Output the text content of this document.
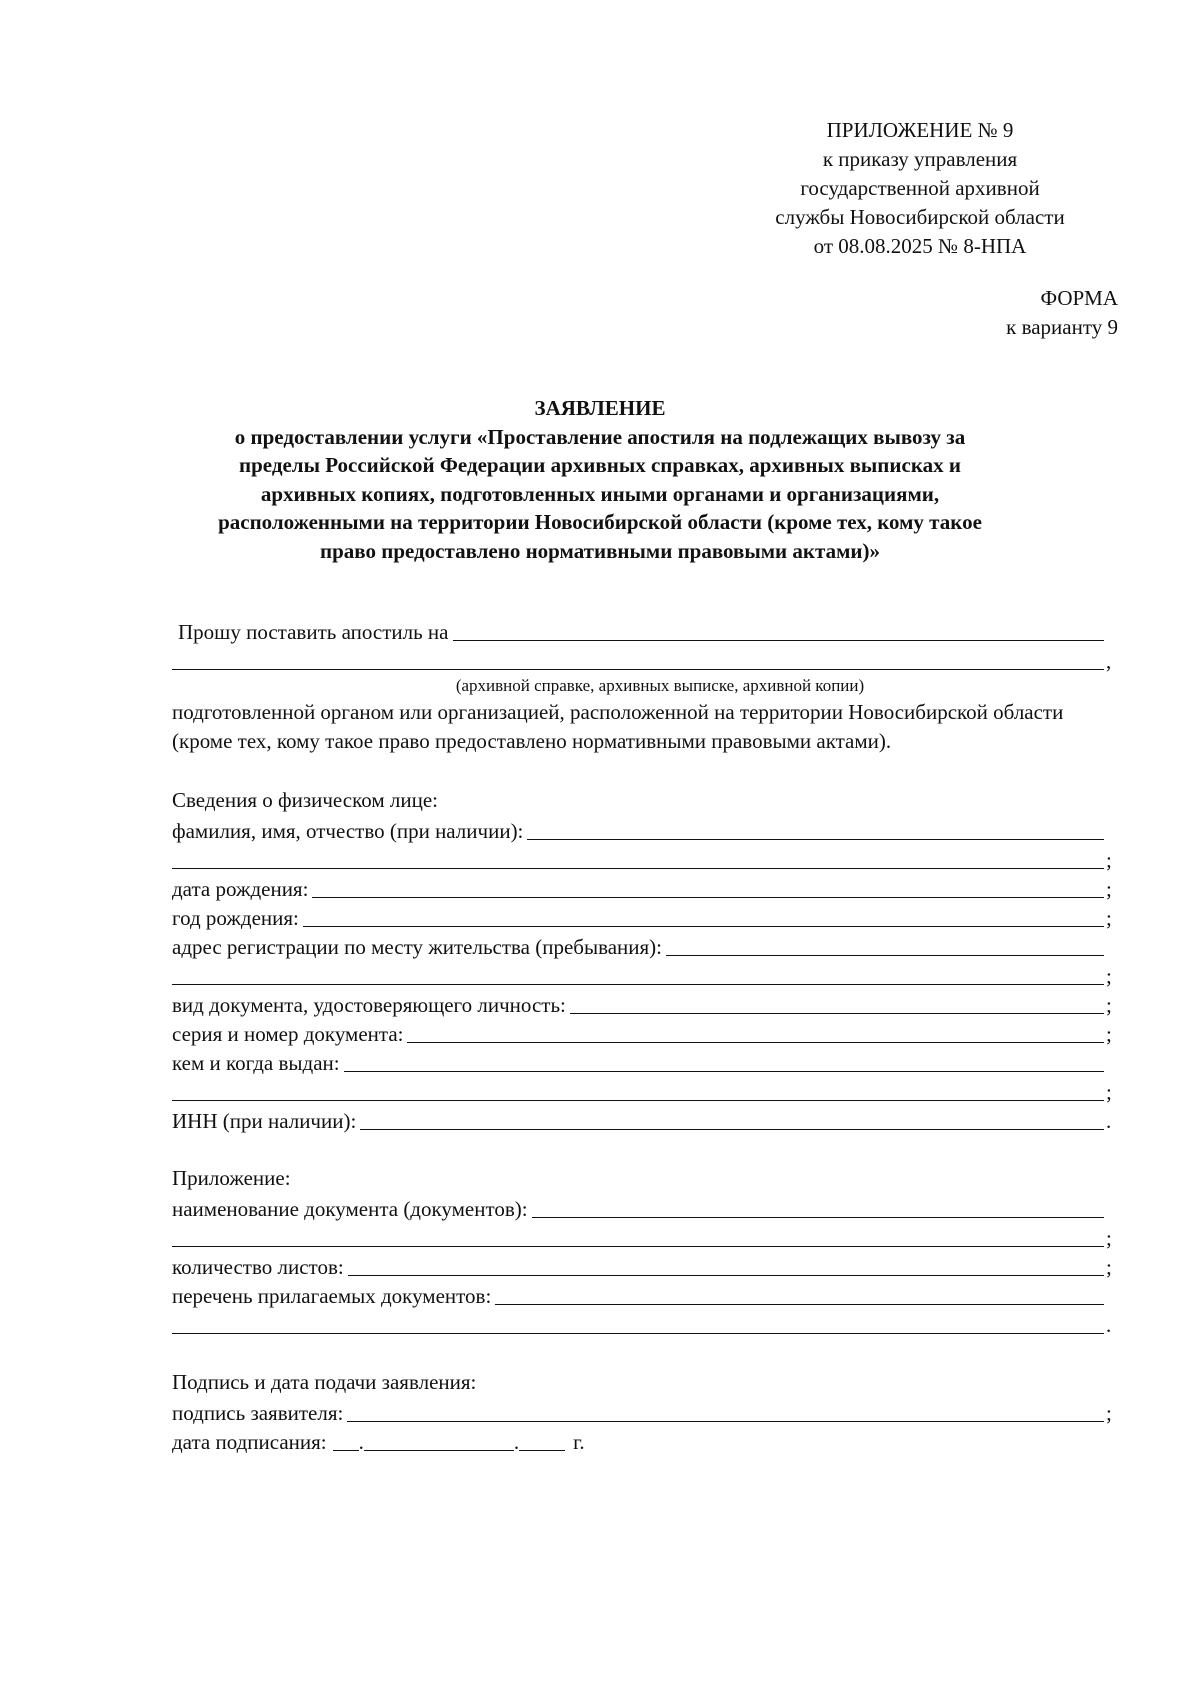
ПРИЛОЖЕНИЕ № 9
к приказу управления
государственной архивной
службы Новосибирской области
от 08.08.2025 № 8-НПА
ФОРМА
к варианту 9
ЗАЯВЛЕНИЕ
о предоставлении услуги «Проставление апостиля на подлежащих вывозу за
пределы Российской Федерации архивных справках, архивных выписках и
архивных копиях, подготовленных иными органами и организациями,
расположенными на территории Новосибирской области (кроме тех, кому такое
право предоставлено нормативными правовыми актами)»
Прошу поставить апостиль на
,
(архивной справке, архивных выписке, архивной копии)
подготовленной органом или организацией, расположенной на территории Новосибирской области (кроме тех, кому такое право предоставлено нормативными правовыми актами).
Сведения о физическом лице:
фамилия, имя, отчество (при наличии):
;
дата рождения:	;
год рождения:	;
адрес регистрации по месту жительства (пребывания):
;
вид документа, удостоверяющего личность:	;
серия и номер документа:	;
кем и когда выдан:
;
ИНН (при наличии):	.
Приложение:
наименование документа (документов):
;
количество листов:	;
перечень прилагаемых документов:
.
Подпись и дата подачи заявления:
подпись заявителя:	;
дата подписания: .	.	г.
